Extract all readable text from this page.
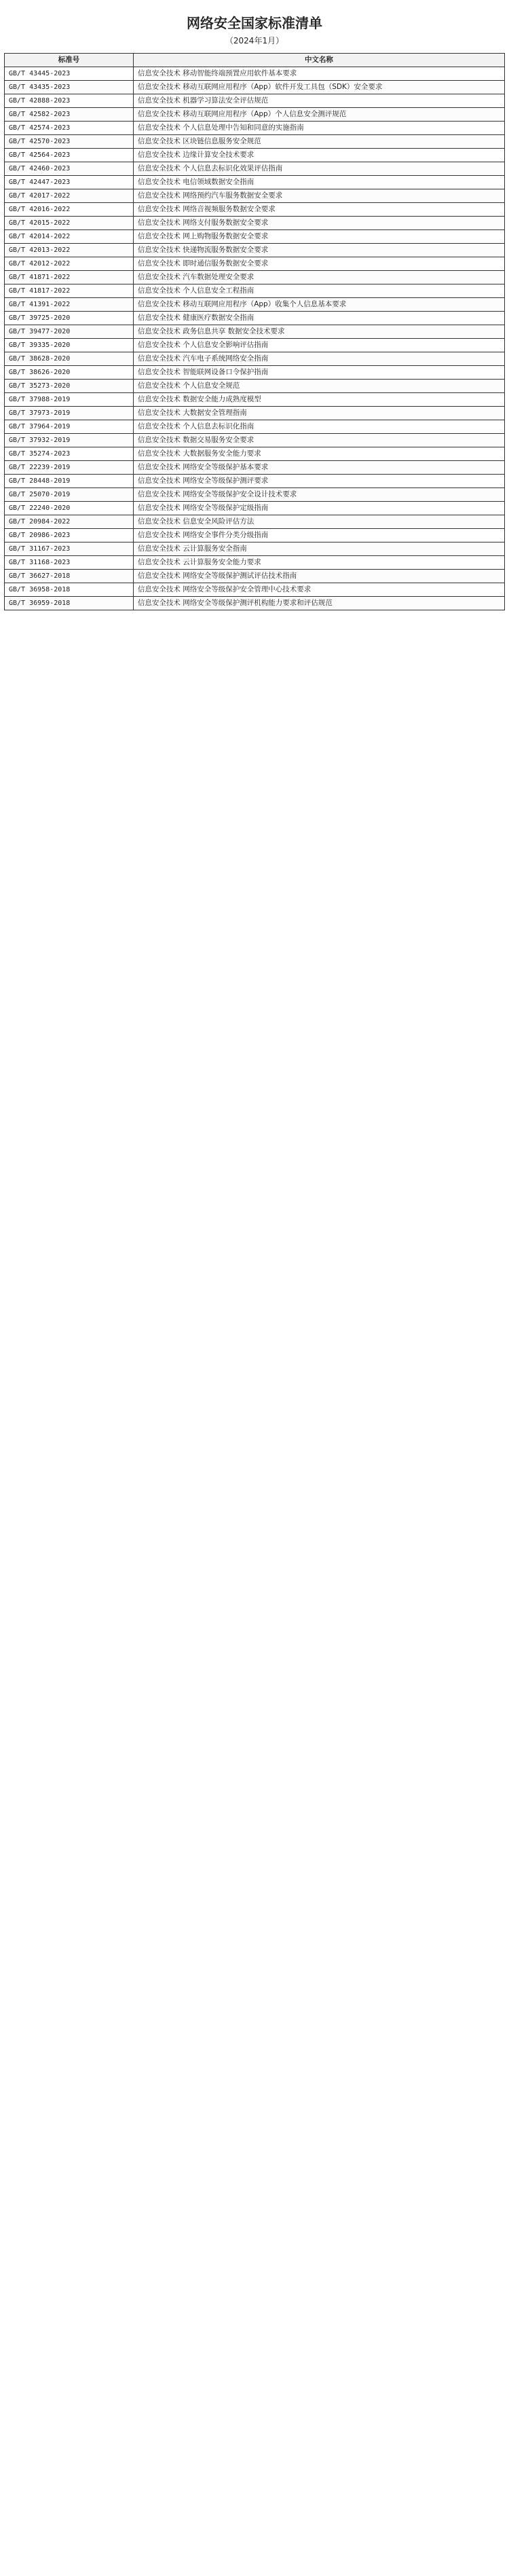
网络安全国家标准清单
（2024年1月）
标准号	中文名称
GB/T 43445-2023	信息安全技术 移动智能终端预置应用软件基本要求
GB/T 43435-2023	信息安全技术 移动互联网应用程序（App）软件开发工具包（SDK）安全要求
GB/T 42888-2023	信息安全技术 机器学习算法安全评估规范
GB/T 42582-2023	信息安全技术 移动互联网应用程序（App）个人信息安全测评规范
GB/T 42574-2023	信息安全技术 个人信息处理中告知和同意的实施指南
GB/T 42570-2023	信息安全技术 区块链信息服务安全规范
GB/T 42564-2023	信息安全技术 边缘计算安全技术要求
GB/T 42460-2023	信息安全技术 个人信息去标识化效果评估指南
GB/T 42447-2023	信息安全技术 电信领域数据安全指南
GB/T 42017-2022	信息安全技术 网络预约汽车服务数据安全要求
GB/T 42016-2022	信息安全技术 网络音视频服务数据安全要求
GB/T 42015-2022	信息安全技术 网络支付服务数据安全要求
GB/T 42014-2022	信息安全技术 网上购物服务数据安全要求
GB/T 42013-2022	信息安全技术 快递物流服务数据安全要求
GB/T 42012-2022	信息安全技术 即时通信服务数据安全要求
GB/T 41871-2022	信息安全技术 汽车数据处理安全要求
GB/T 41817-2022	信息安全技术 个人信息安全工程指南
GB/T 41391-2022	信息安全技术 移动互联网应用程序（App）收集个人信息基本要求
GB/T 39725-2020	信息安全技术 健康医疗数据安全指南
GB/T 39477-2020	信息安全技术 政务信息共享 数据安全技术要求
GB/T 39335-2020	信息安全技术 个人信息安全影响评估指南
GB/T 38628-2020	信息安全技术 汽车电子系统网络安全指南
GB/T 38626-2020	信息安全技术 智能联网设备口令保护指南
GB/T 35273-2020	信息安全技术 个人信息安全规范
GB/T 37988-2019	信息安全技术 数据安全能力成熟度模型
GB/T 37973-2019	信息安全技术 大数据安全管理指南
GB/T 37964-2019	信息安全技术 个人信息去标识化指南
GB/T 37932-2019	信息安全技术 数据交易服务安全要求
GB/T 35274-2023	信息安全技术 大数据服务安全能力要求
GB/T 22239-2019	信息安全技术 网络安全等级保护基本要求
GB/T 28448-2019	信息安全技术 网络安全等级保护测评要求
GB/T 25070-2019	信息安全技术 网络安全等级保护安全设计技术要求
GB/T 22240-2020	信息安全技术 网络安全等级保护定级指南
GB/T 20984-2022	信息安全技术 信息安全风险评估方法
GB/T 20986-2023	信息安全技术 网络安全事件分类分级指南
GB/T 31167-2023	信息安全技术 云计算服务安全指南
GB/T 31168-2023	信息安全技术 云计算服务安全能力要求
GB/T 36627-2018	信息安全技术 网络安全等级保护测试评估技术指南
GB/T 36958-2018	信息安全技术 网络安全等级保护安全管理中心技术要求
GB/T 36959-2018	信息安全技术 网络安全等级保护测评机构能力要求和评估规范
